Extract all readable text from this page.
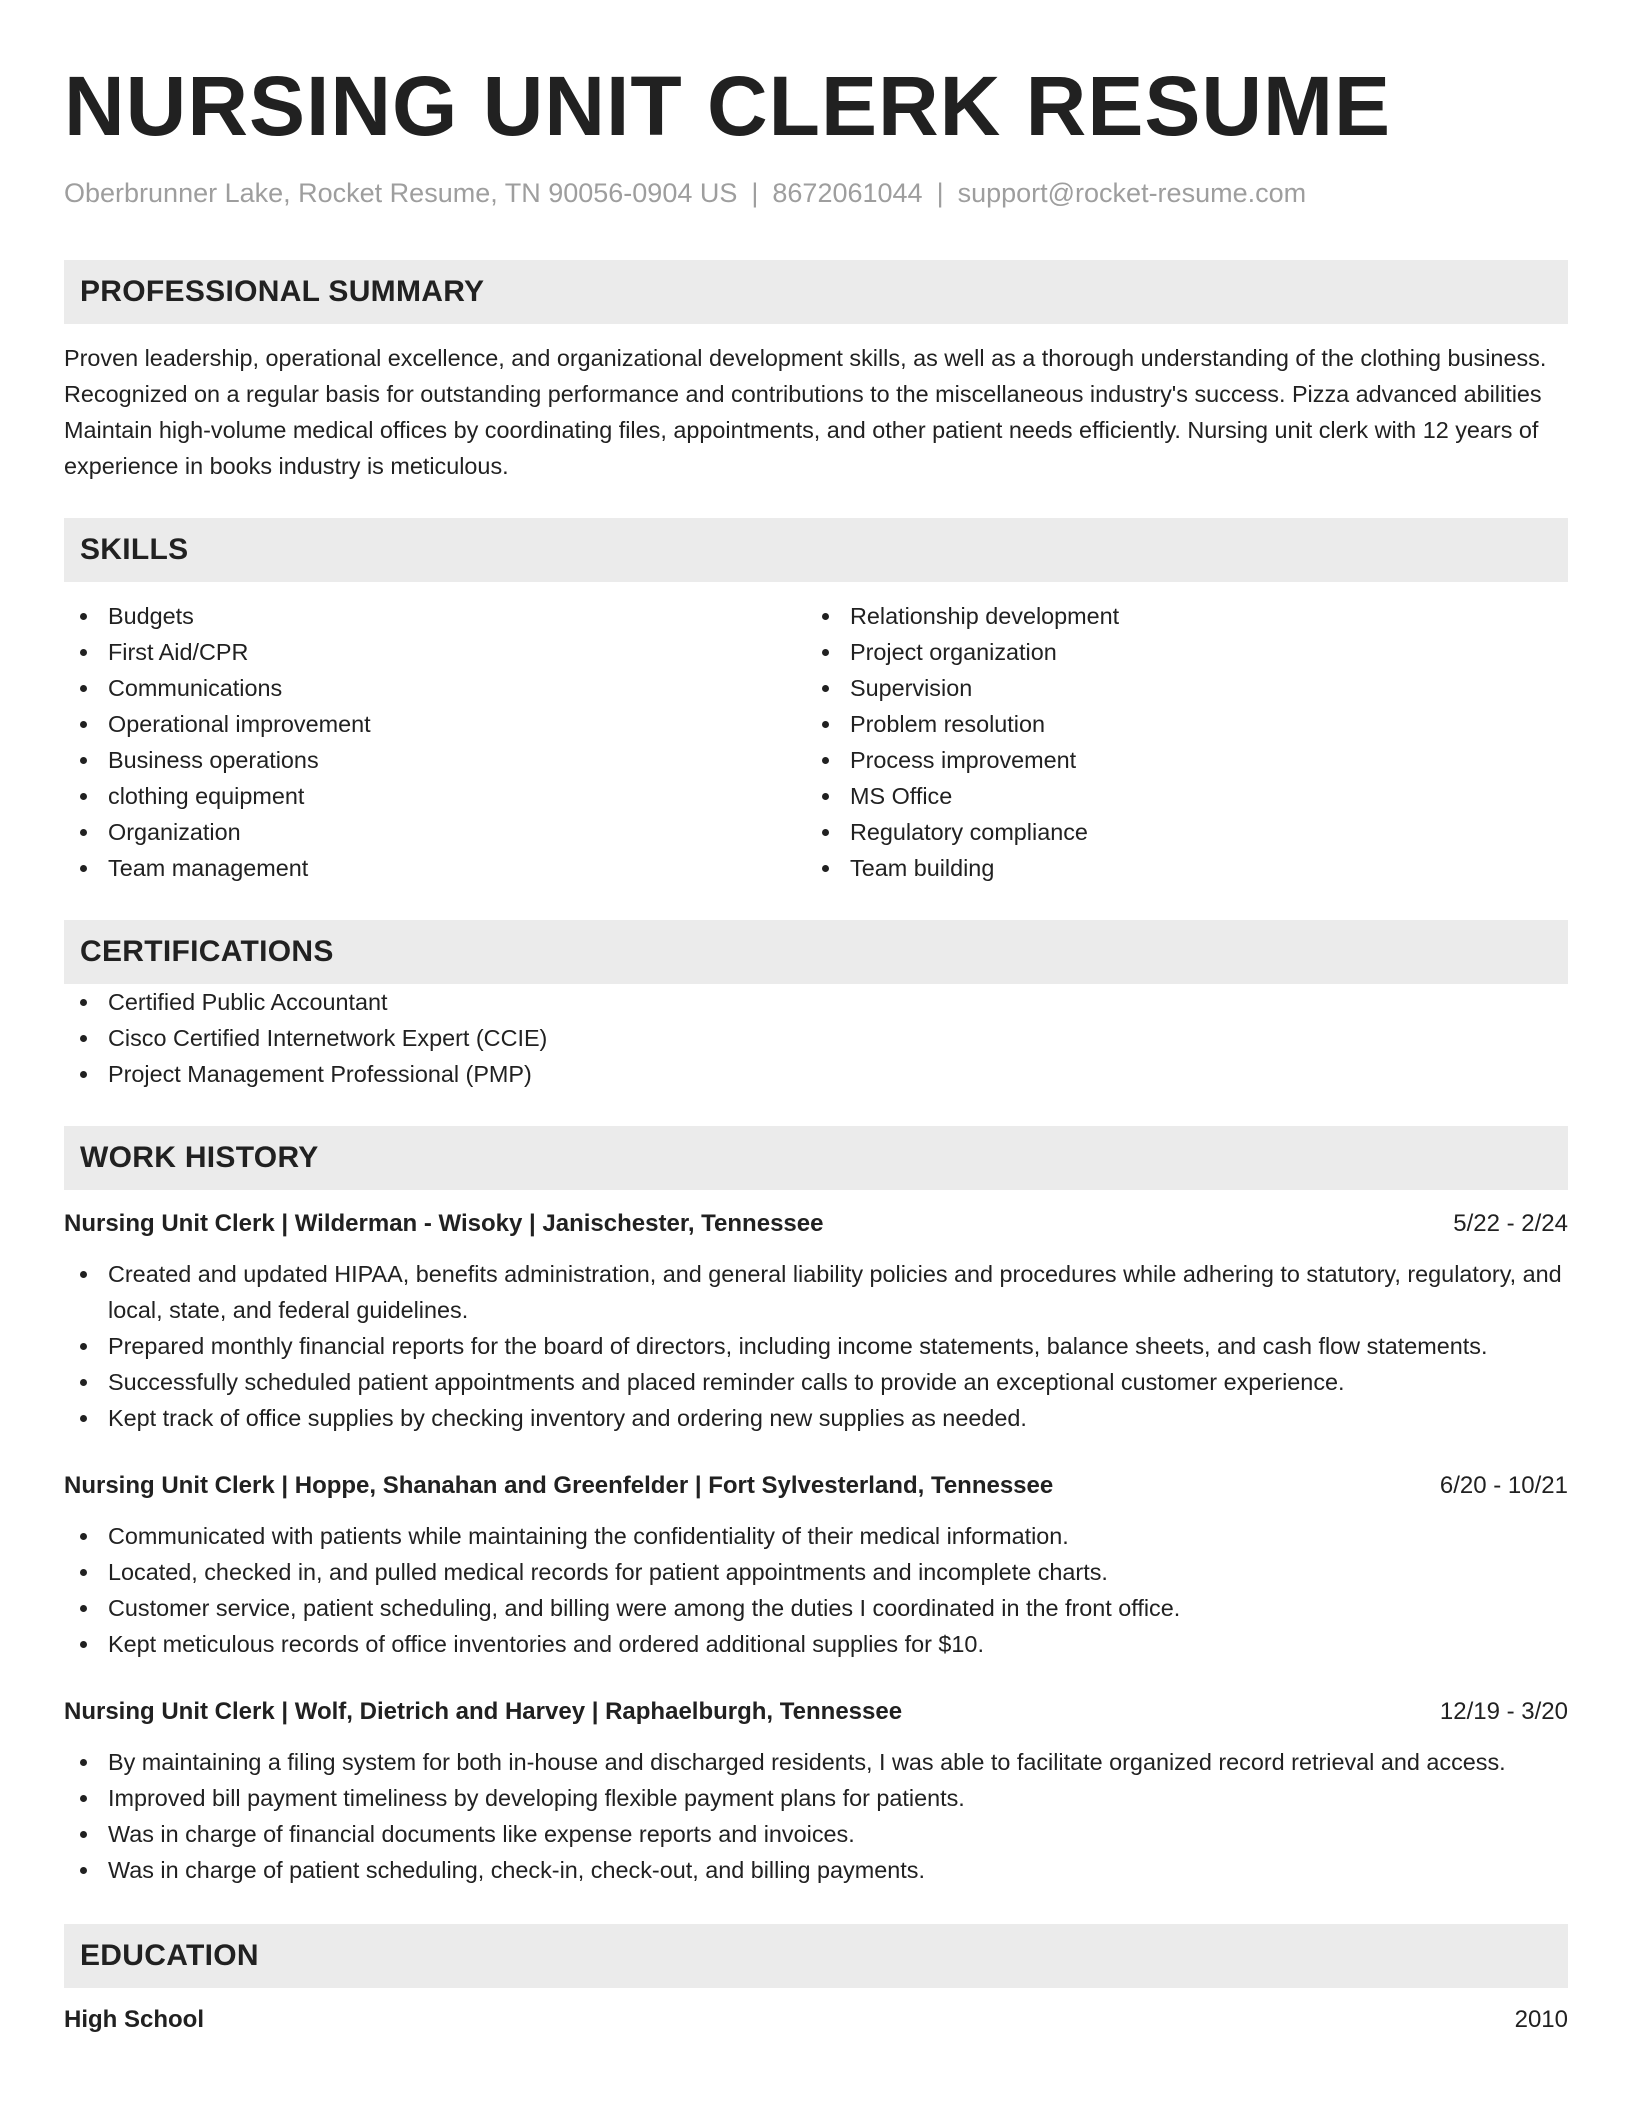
NURSING UNIT CLERK RESUME
Oberbrunner Lake, Rocket Resume, TN 90056-0904 US | 8672061044 | support@rocket-resume.com
PROFESSIONAL SUMMARY
Proven leadership, operational excellence, and organizational development skills, as well as a thorough understanding of the clothing business. Recognized on a regular basis for outstanding performance and contributions to the miscellaneous industry's success. Pizza advanced abilities Maintain high-volume medical offices by coordinating files, appointments, and other patient needs efficiently. Nursing unit clerk with 12 years of experience in books industry is meticulous.
SKILLS
Budgets
First Aid/CPR
Communications
Operational improvement
Business operations
clothing equipment
Organization
Team management
Relationship development
Project organization
Supervision
Problem resolution
Process improvement
MS Office
Regulatory compliance
Team building
CERTIFICATIONS
Certified Public Accountant
Cisco Certified Internetwork Expert (CCIE)
Project Management Professional (PMP)
WORK HISTORY
Nursing Unit Clerk | Wilderman - Wisoky | Janischester, Tennessee	5/22 - 2/24
Created and updated HIPAA, benefits administration, and general liability policies and procedures while adhering to statutory, regulatory, and local, state, and federal guidelines.
Prepared monthly financial reports for the board of directors, including income statements, balance sheets, and cash flow statements.
Successfully scheduled patient appointments and placed reminder calls to provide an exceptional customer experience.
Kept track of office supplies by checking inventory and ordering new supplies as needed.
Nursing Unit Clerk | Hoppe, Shanahan and Greenfelder | Fort Sylvesterland, Tennessee	6/20 - 10/21
Communicated with patients while maintaining the confidentiality of their medical information.
Located, checked in, and pulled medical records for patient appointments and incomplete charts.
Customer service, patient scheduling, and billing were among the duties I coordinated in the front office.
Kept meticulous records of office inventories and ordered additional supplies for $10.
Nursing Unit Clerk | Wolf, Dietrich and Harvey | Raphaelburgh, Tennessee	12/19 - 3/20
By maintaining a filing system for both in-house and discharged residents, I was able to facilitate organized record retrieval and access.
Improved bill payment timeliness by developing flexible payment plans for patients.
Was in charge of financial documents like expense reports and invoices.
Was in charge of patient scheduling, check-in, check-out, and billing payments.
EDUCATION
High School	2010
